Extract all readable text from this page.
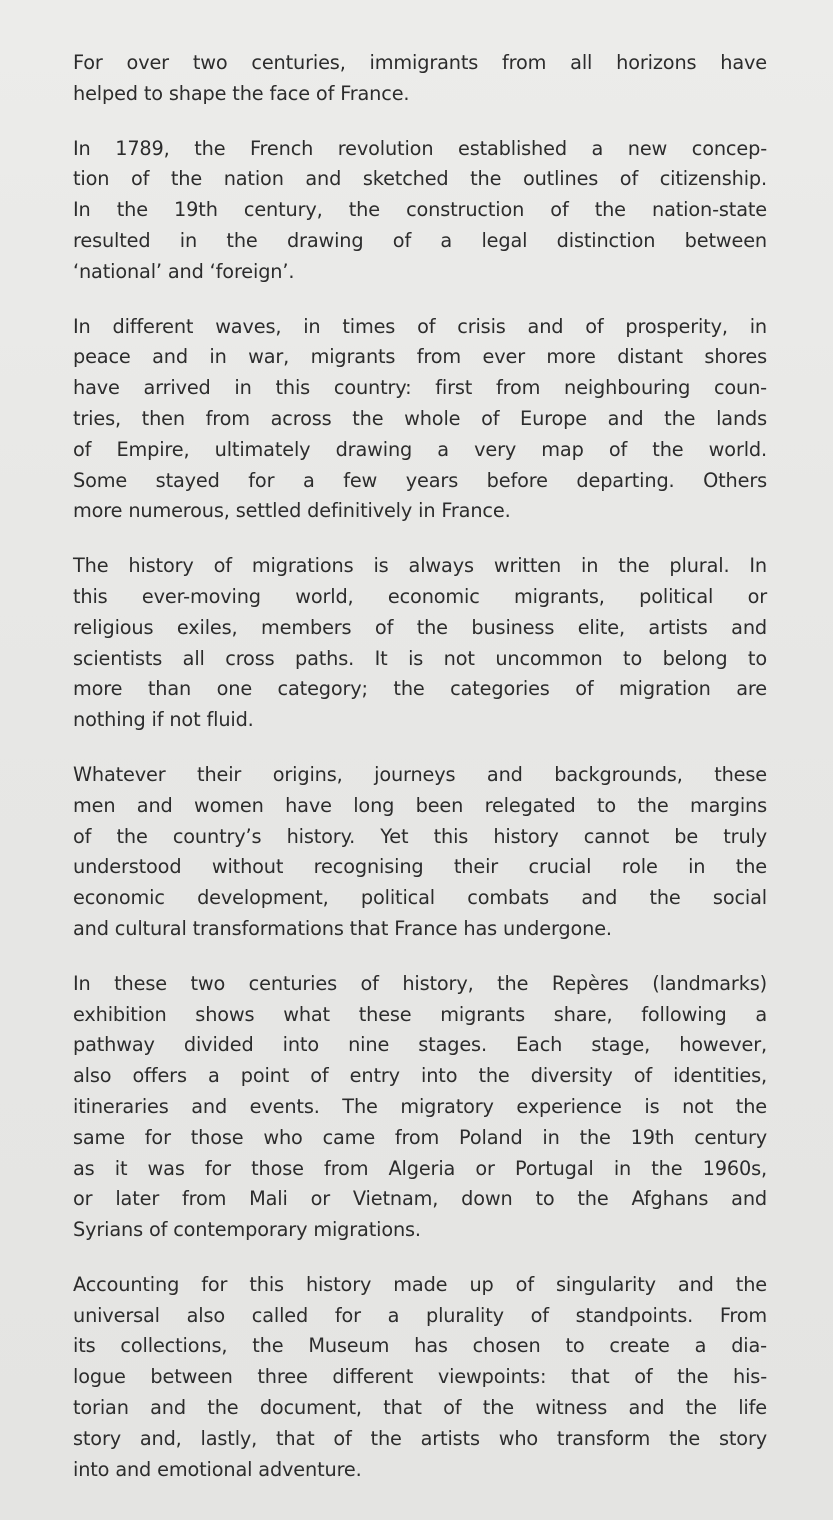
For over two centuries, immigrants from all horizons have
helped to shape the face of France.

In 1789, the French revolution established a new concep-
tion of the nation and sketched the outlines of citizenship.
In the 19th century, the construction of the nation-state
resulted in the drawing of a legal distinction between
‘national’ and ‘foreign’.

In different waves, in times of crisis and of prosperity, in
peace and in war, migrants from ever more distant shores
have arrived in this country: first from neighbouring coun-
tries, then from across the whole of Europe and the lands
of Empire, ultimately drawing a very map of the world.
Some stayed for a few years before departing. Others
more numerous, settled definitively in France.

The history of migrations is always written in the plural. In
this ever-moving world, economic migrants, political or
religious exiles, members of the business elite, artists and
scientists all cross paths. It is not uncommon to belong to
more than one category; the categories of migration are
nothing if not fluid.

Whatever their origins, journeys and backgrounds, these
men and women have long been relegated to the margins
of the country’s history. Yet this history cannot be truly
understood without recognising their crucial role in the
economic development, political combats and the social
and cultural transformations that France has undergone.

In these two centuries of history, the Repères (landmarks)
exhibition shows what these migrants share, following a
pathway divided into nine stages. Each stage, however,
also offers a point of entry into the diversity of identities,
itineraries and events. The migratory experience is not the
same for those who came from Poland in the 19th century
as it was for those from Algeria or Portugal in the 1960s,
or later from Mali or Vietnam, down to the Afghans and
Syrians of contemporary migrations.

Accounting for this history made up of singularity and the
universal also called for a plurality of standpoints. From
its collections, the Museum has chosen to create a dia-
logue between three different viewpoints: that of the his-
torian and the document, that of the witness and the life
story and, lastly, that of the artists who transform the story
into and emotional adventure.
